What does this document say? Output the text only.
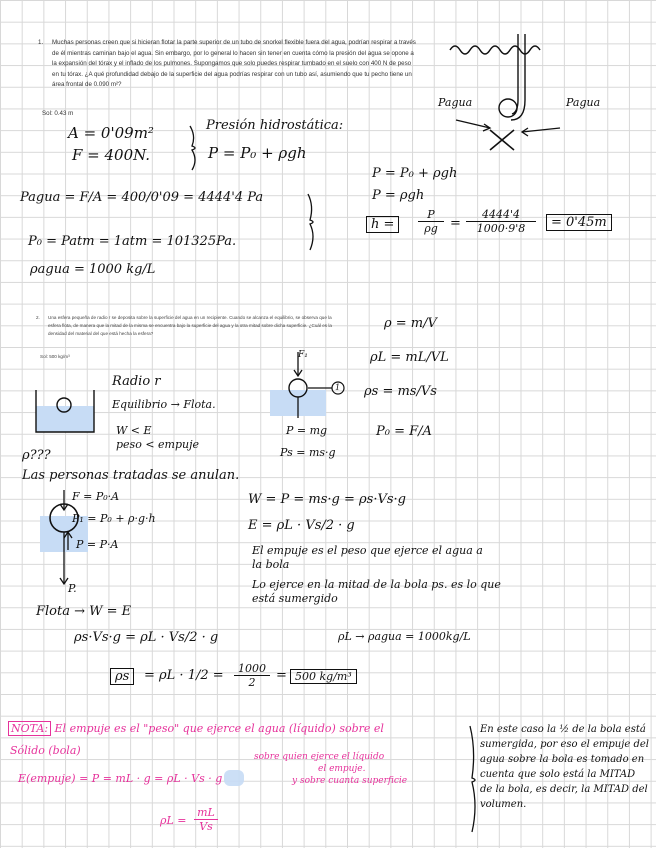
1. Muchas personas creen que si hicieran flotar la parte superior de un tubo de snorkel flexible fuera del agua, podrían respirar a través de él mientras caminan bajo el agua. Sin embargo, por lo general lo hacen sin tener en cuenta cómo la presión del agua se opone a la expansión del tórax y el inflado de los pulmones. Supongamos que solo puedes respirar tumbado en el suelo con 400 N de peso en tu tórax. ¿A qué profundidad debajo de la superficie del agua podrías respirar con un tubo así, asumiendo que tu pecho tiene un área frontal de 0.090 m²?
Sol: 0.43 m
Pagua	Pagua
A = 0'09m²
F = 400N.
Presión hidrostática:
P = P₀ + ρgh
Pagua = F/A = 400/0'09 = 4444'4 Pa
P₀ = Patm = 1atm = 101325Pa.
ρagua = 1000 kg/L
P = P₀ + ρgh
P = ρgh
h =	$\frac{P}{\rho g} = \frac{4444'4}{1000\cdot 9'8}$	= 0'45m
2. Una esfera pequeña de radio r se deposita sobre la superficie del agua en un recipiente. Cuando se alcanza el equilibrio, se observa que la esfera flota, de manera que la mitad de la misma se encuentra bajo la superficie del agua y la otra mitad sobre dicha superficie. ¿Cuál es la densidad del material del que está hecha la esfera?
Sol: 500 kg/m³
ρ = m/V
ρL = mL/VL
ρs = ms/Vs
P₀ = F/A
Radio r
Equilibrio → Flota.
W < E
peso < empuje
ρ???
F₁
1
P = mg
Ps = ms·g
Las personas tratadas se anulan.
F = P₀·A
P₁ = P₀ + ρ·g·h
P = P·A
P.
W = P = ms·g = ρs·Vs·g
E = ρL · Vs/2 · g
El empuje es el peso que ejerce el agua a la bola
Lo ejerce en la mitad de la bola ps. es lo que está sumergido
Flota → W = E
ρs·Vs·g = ρL · Vs/2 · g	ρL → ρagua = 1000kg/L
ρs	= $\rho L \cdot 1/2 = \frac{1000}{2} = 500$ kg/m³
NOTA: El empuje es el "peso" que ejerce el agua (líquido) sobre el
Sólido (bola)
E(empuje) = P = mL · g = ρL · Vs · g
sobre quien ejerce el líquido
el empuje.
y sobre cuanta superficie
$\rho L = \frac{mL}{Vs}$
En este caso la ½ de la bola está sumergida, por eso el empuje del agua sobre la bola es tomado en cuenta que solo está la MITAD de la bola, es decir, la MITAD del volumen.
